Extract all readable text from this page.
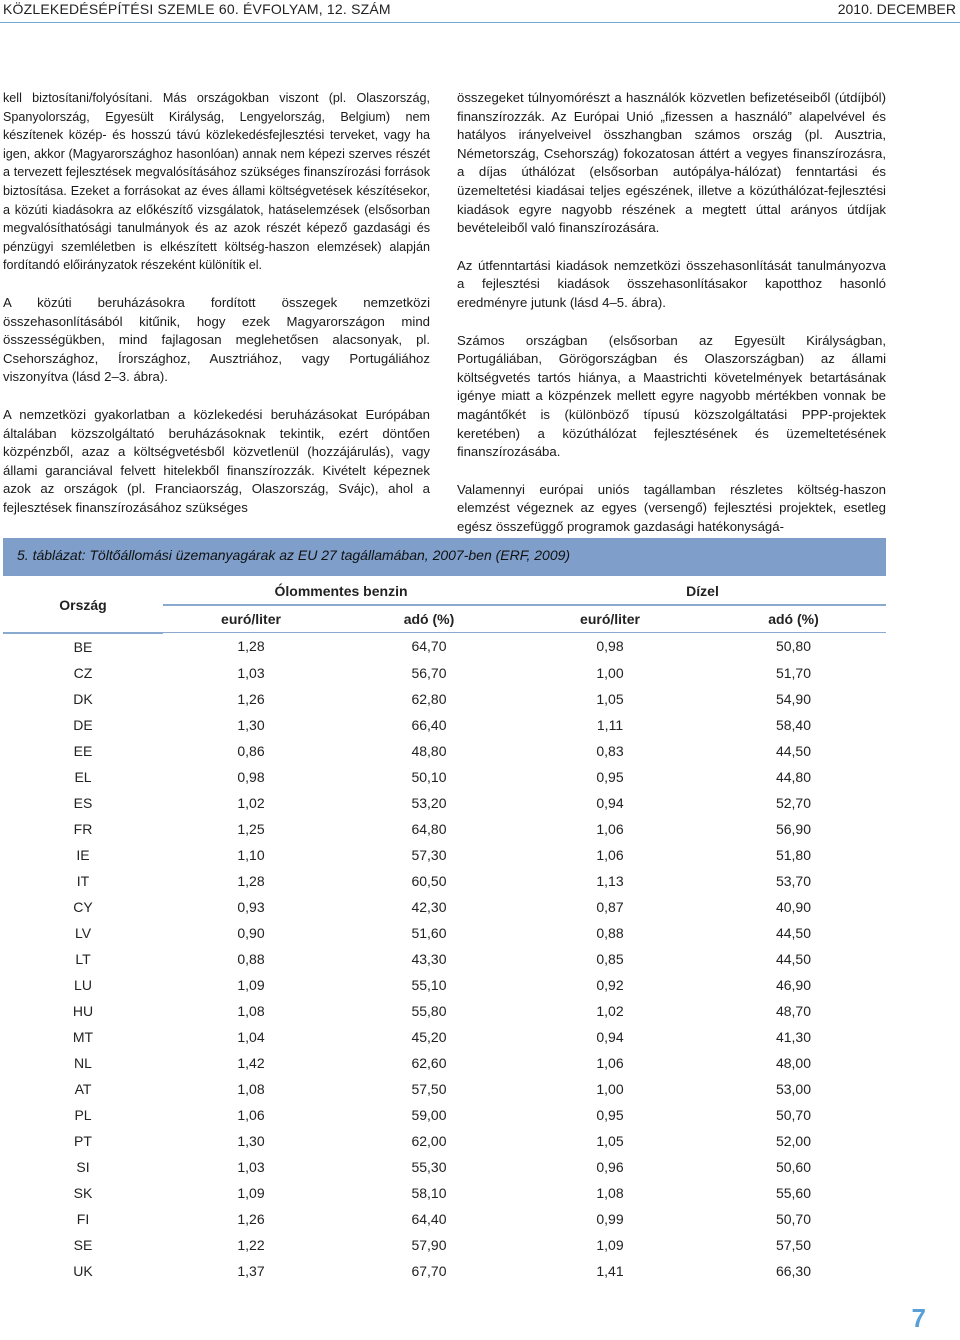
KÖZLEKEDÉSÉPÍTÉSI SZEMLE 60. ÉVFOLYAM, 12. SZÁM	2010. DECEMBER

kell biztosítani/folyósítani. Más országokban viszont (pl. Olaszország, Spanyolország, Egyesült Királyság, Lengyelország, Belgium) nem készítenek közép- és hosszú távú közlekedésfejlesztési terveket, vagy ha igen, akkor (Magyarországhoz hasonlóan) annak nem képezi szerves részét a tervezett fejlesztések megvalósításához szükséges finanszírozási források biztosítása. Ezeket a forrásokat az éves állami költségvetések készítésekor, a közúti kiadásokra az előkészítő vizsgálatok, hatáselemzések (elsősorban megvalósíthatósági tanulmányok és az azok részét képező gazdasági és pénzügyi szemléletben is elkészített költség-haszon elemzések) alapján fordítandó előirányzatok részeként különítik el.

A közúti beruházásokra fordított összegek nemzetközi összehasonlításából kitűnik, hogy ezek Magyarországon mind összességükben, mind fajlagosan meglehetősen alacsonyak, pl. Csehországhoz, Írországhoz, Ausztriához, vagy Portugáliához viszonyítva (lásd 2–3. ábra).

A nemzetközi gyakorlatban a közlekedési beruházásokat Európában általában közszolgáltató beruházásoknak tekintik, ezért döntően közpénzből, azaz a költségvetésből közvetlenül (hozzájárulás), vagy állami garanciával felvett hitelekből finanszírozzák. Kivételt képeznek azok az országok (pl. Franciaország, Olaszország, Svájc), ahol a fejlesztések finanszírozásához szükséges

összegeket túlnyomórészt a használók közvetlen befizetéseiből (útdíjból) finanszírozzák. Az Európai Unió „fizessen a használó” alapelvével és hatályos irányelveivel összhangban számos ország (pl. Ausztria, Németország, Csehország) fokozatosan áttért a vegyes finanszírozásra, a díjas úthálózat (elsősorban autópálya-hálózat) fenntartási és üzemeltetési kiadásai teljes egészének, illetve a közúthálózat-fejlesztési kiadások egyre nagyobb részének a megtett úttal arányos útdíjak bevételeiből való finanszírozására.

Az útfenntartási kiadások nemzetközi összehasonlítását tanulmányozva a fejlesztési kiadások összehasonlításakor kapotthoz hasonló eredményre jutunk (lásd 4–5. ábra).

Számos országban (elsősorban az Egyesült Királyságban, Portugáliában, Görögországban és Olaszországban) az állami költségvetés tartós hiánya, a Maastrichti követelmények betartásának igénye miatt a közpénzek mellett egyre nagyobb mértékben vonnak be magántőkét is (különböző típusú közszolgáltatási PPP-projektek keretében) a közúthálózat fejlesztésének és üzemeltetésének finanszírozásába.

Valamennyi európai uniós tagállamban részletes költség-haszon elemzést végeznek az egyes (versengő) fejlesztési projektek, esetleg egész összefüggő programok gazdasági hatékonyságá-

5. táblázat: Töltőállomási üzemanyagárak az EU 27 tagállamában, 2007-ben (ERF, 2009)
Ország	Ólommentes benzin		Dízel	
	euró/liter	adó (%)	euró/liter	adó (%)
BE	1,28	64,70	0,98	50,80
CZ	1,03	56,70	1,00	51,70
DK	1,26	62,80	1,05	54,90
DE	1,30	66,40	1,11	58,40
EE	0,86	48,80	0,83	44,50
EL	0,98	50,10	0,95	44,80
ES	1,02	53,20	0,94	52,70
FR	1,25	64,80	1,06	56,90
IE	1,10	57,30	1,06	51,80
IT	1,28	60,50	1,13	53,70
CY	0,93	42,30	0,87	40,90
LV	0,90	51,60	0,88	44,50
LT	0,88	43,30	0,85	44,50
LU	1,09	55,10	0,92	46,90
HU	1,08	55,80	1,02	48,70
MT	1,04	45,20	0,94	41,30
NL	1,42	62,60	1,06	48,00
AT	1,08	57,50	1,00	53,00
PL	1,06	59,00	0,95	50,70
PT	1,30	62,00	1,05	52,00
SI	1,03	55,30	0,96	50,60
SK	1,09	58,10	1,08	55,60
FI	1,26	64,40	0,99	50,70
SE	1,22	57,90	1,09	57,50
UK	1,37	67,70	1,41	66,30
7
